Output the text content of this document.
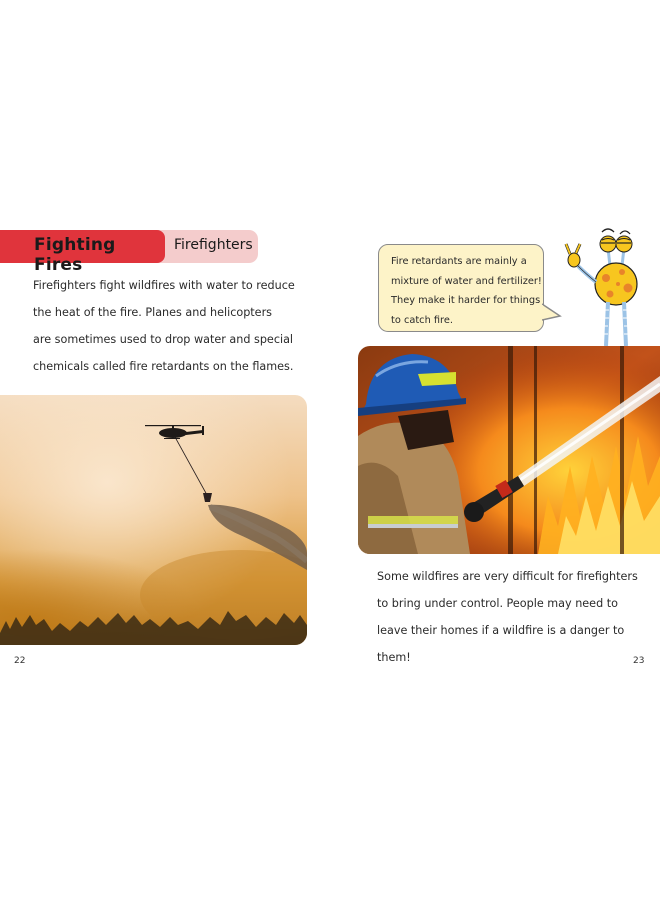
Fighting Fires
Firefighters

Firefighters fight wildfires with water to reduce

the heat of the fire. Planes and helicopters

are sometimes used to drop water and special

chemicals called fire retardants on the flames.

Fire retardants are mainly a

mixture of water and fertilizer!

They make it harder for things

to catch fire.

Some wildfires are very difficult for firefighters

to bring under control. People may need to

leave their homes if a wildfire is a danger to

them!

22	23
